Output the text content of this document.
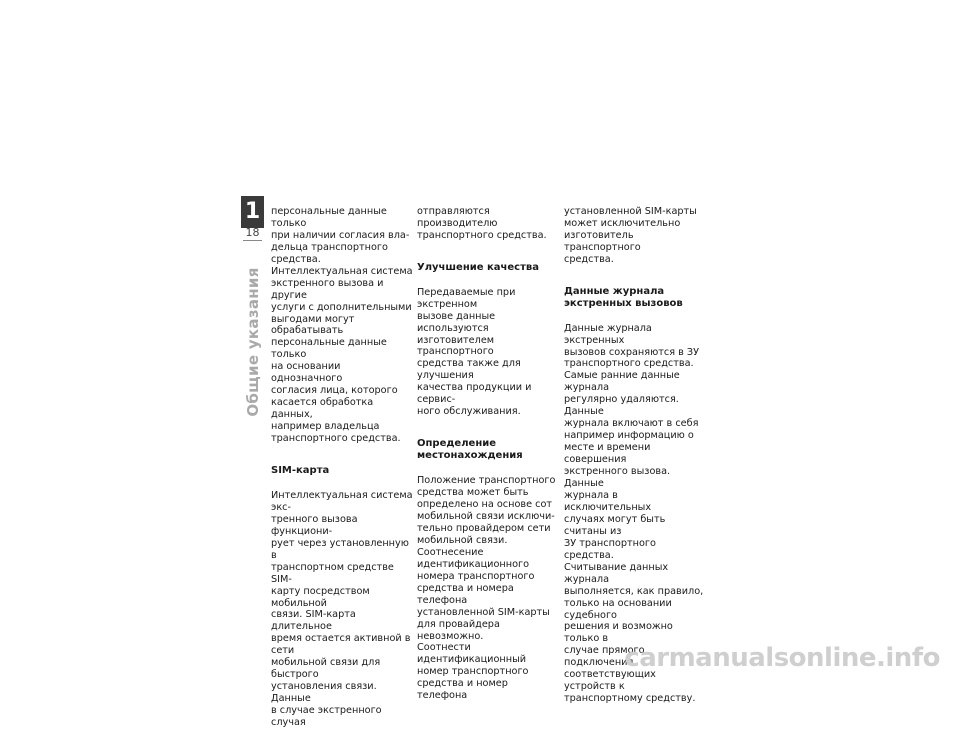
1
18
Общие указания

персональные данные только
при наличии согласия вла-
дельца транспортного средства.
Интеллектуальная система
экстренного вызова и другие
услуги с дополнительными
выгодами могут обрабатывать
персональные данные только
на основании однозначного
согласия лица, которого
касается обработка данных,
например владельца
транспортного средства.

SIM-карта

Интеллектуальная система экс-
тренного вызова функциони-
рует через установленную в
транспортном средстве SIM-
карту посредством мобильной
связи. SIM-карта длительное
время остается активной в сети
мобильной связи для быстрого
установления связи. Данные
в случае экстренного случая

отправляются производителю
транспортного средства.

Улучшение качества

Передаваемые при экстренном
вызове данные используются
изготовителем транспортного
средства также для улучшения
качества продукции и сервис-
ного обслуживания.

Определение
местонахождения

Положение транспортного
средства может быть
определено на основе сот
мобильной связи исключи-
тельно провайдером сети
мобильной связи. Соотнесение
идентификационного
номера транспортного
средства и номера телефона
установленной SIM-карты
для провайдера невозможно.
Соотнести идентификационный
номер транспортного
средства и номер телефона

установленной SIM-карты
может исключительно
изготовитель транспортного
средства.

Данные журнала
экстренных вызовов

Данные журнала экстренных
вызовов сохраняются в ЗУ
транспортного средства.
Самые ранние данные журнала
регулярно удаляются. Данные
журнала включают в себя
например информацию о
месте и времени совершения
экстренного вызова. Данные
журнала в исключительных
случаях могут быть считаны из
ЗУ транспортного средства.
Считывание данных журнала
выполняется, как правило,
только на основании судебного
решения и возможно только в
случае прямого подключения
соответствующих устройств к
транспортному средству.

carmanualsonline.info
